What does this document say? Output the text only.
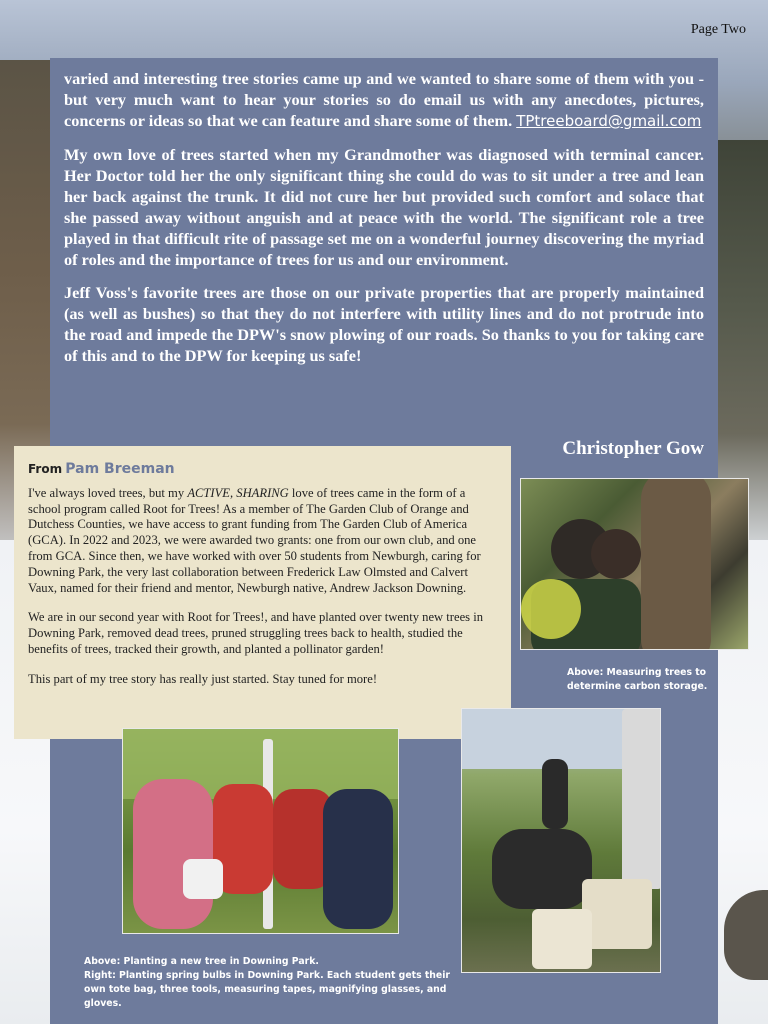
Page Two

varied and interesting tree stories came up and we wanted to share some of them with you - but very much want to hear your stories so do email us with any anecdotes, pictures, concerns or ideas so that we can feature and share some of them. TPtreeboard@gmail.com

My own love of trees started when my Grandmother was diagnosed with terminal cancer. Her Doctor told her the only significant thing she could do was to sit under a tree and lean her back against the trunk. It did not cure her but provided such comfort and solace that she passed away without anguish and at peace with the world. The significant role a tree played in that difficult rite of passage set me on a wonderful journey discovering the myriad of roles and the importance of trees for us and our environment.

Jeff Voss's favorite trees are those on our private properties that are properly maintained (as well as bushes) so that they do not interfere with utility lines and do not protrude into the road and impede the DPW's snow plowing of our roads. So thanks to you for taking care of this and to the DPW for keeping us safe!

Christopher Gow
From Pam Breeman

I've always loved trees, but my ACTIVE, SHARING love of trees came in the form of a school program called Root for Trees! As a member of The Garden Club of Orange and Dutchess Counties, we have access to grant funding from The Garden Club of America (GCA). In 2022 and 2023, we were awarded two grants: one from our own club, and one from GCA. Since then, we have worked with over 50 students from Newburgh, caring for Downing Park, the very last collaboration between Frederick Law Olmsted and Calvert Vaux, named for their friend and mentor, Newburgh native, Andrew Jackson Downing.

We are in our second year with Root for Trees!, and have planted over twenty new trees in Downing Park, removed dead trees, pruned struggling trees back to health, studied the benefits of trees, tracked their growth, and planted a pollinator garden!

This part of my tree story has really just started. Stay tuned for more!	Above: Measuring trees to determine carbon storage.
Above: Planting a new tree in Downing Park.
Right: Planting spring bulbs in Downing Park. Each student gets their own tote bag, three tools, measuring tapes, magnifying glasses, and gloves.
